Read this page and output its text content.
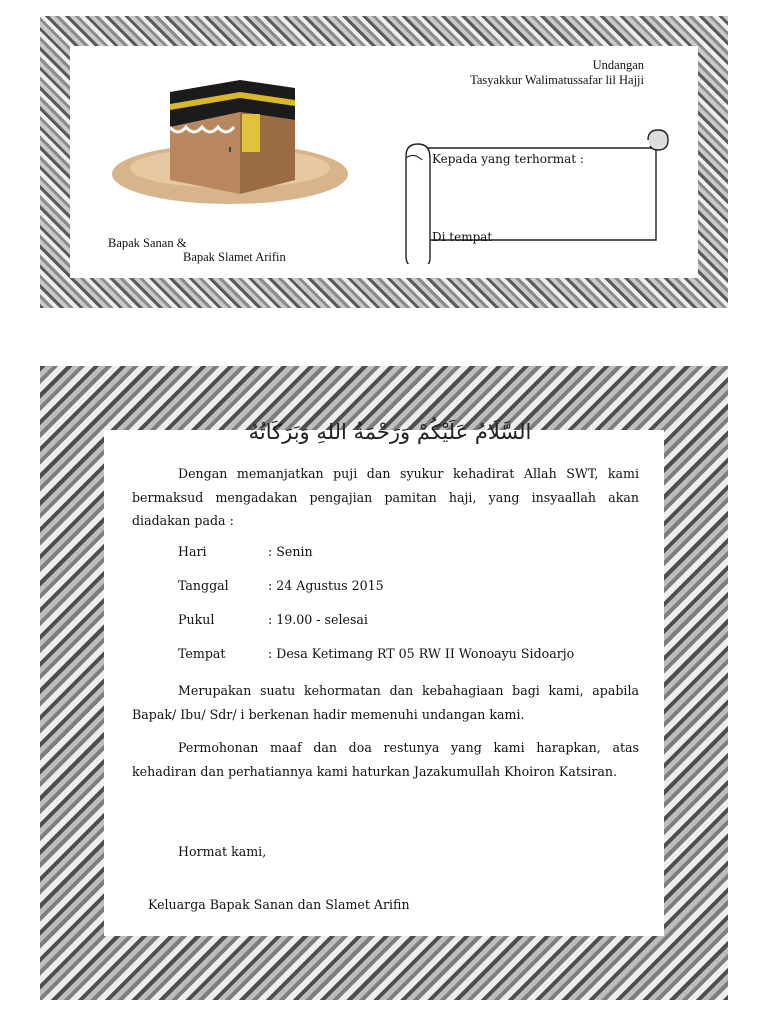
Undangan
Tasyakkur Walimatussafar lil Hajji
Bapak Sanan &
Bapak Slamet Arifin
Kepada yang terhormat :
Di tempat
السَّلَامُ عَلَيْكُمْ وَرَحْمَةُ اللهِ وَبَرَكَاتُهُ
Dengan memanjatkan puji dan syukur kehadirat Allah SWT, kami bermaksud mengadakan pengajian pamitan haji, yang insyaallah akan diadakan pada :
Hari	: Senin
Tanggal	: 24 Agustus 2015
Pukul	: 19.00 - selesai
Tempat	: Desa Ketimang RT 05 RW II Wonoayu Sidoarjo
Merupakan suatu kehormatan dan kebahagiaan bagi kami, apabila Bapak/ Ibu/ Sdr/ i berkenan hadir memenuhi undangan kami.
Permohonan maaf dan doa restunya yang kami harapkan, atas kehadiran dan perhatiannya kami haturkan Jazakumullah Khoiron Katsiran.
Hormat kami,
Keluarga Bapak Sanan dan Slamet Arifin
